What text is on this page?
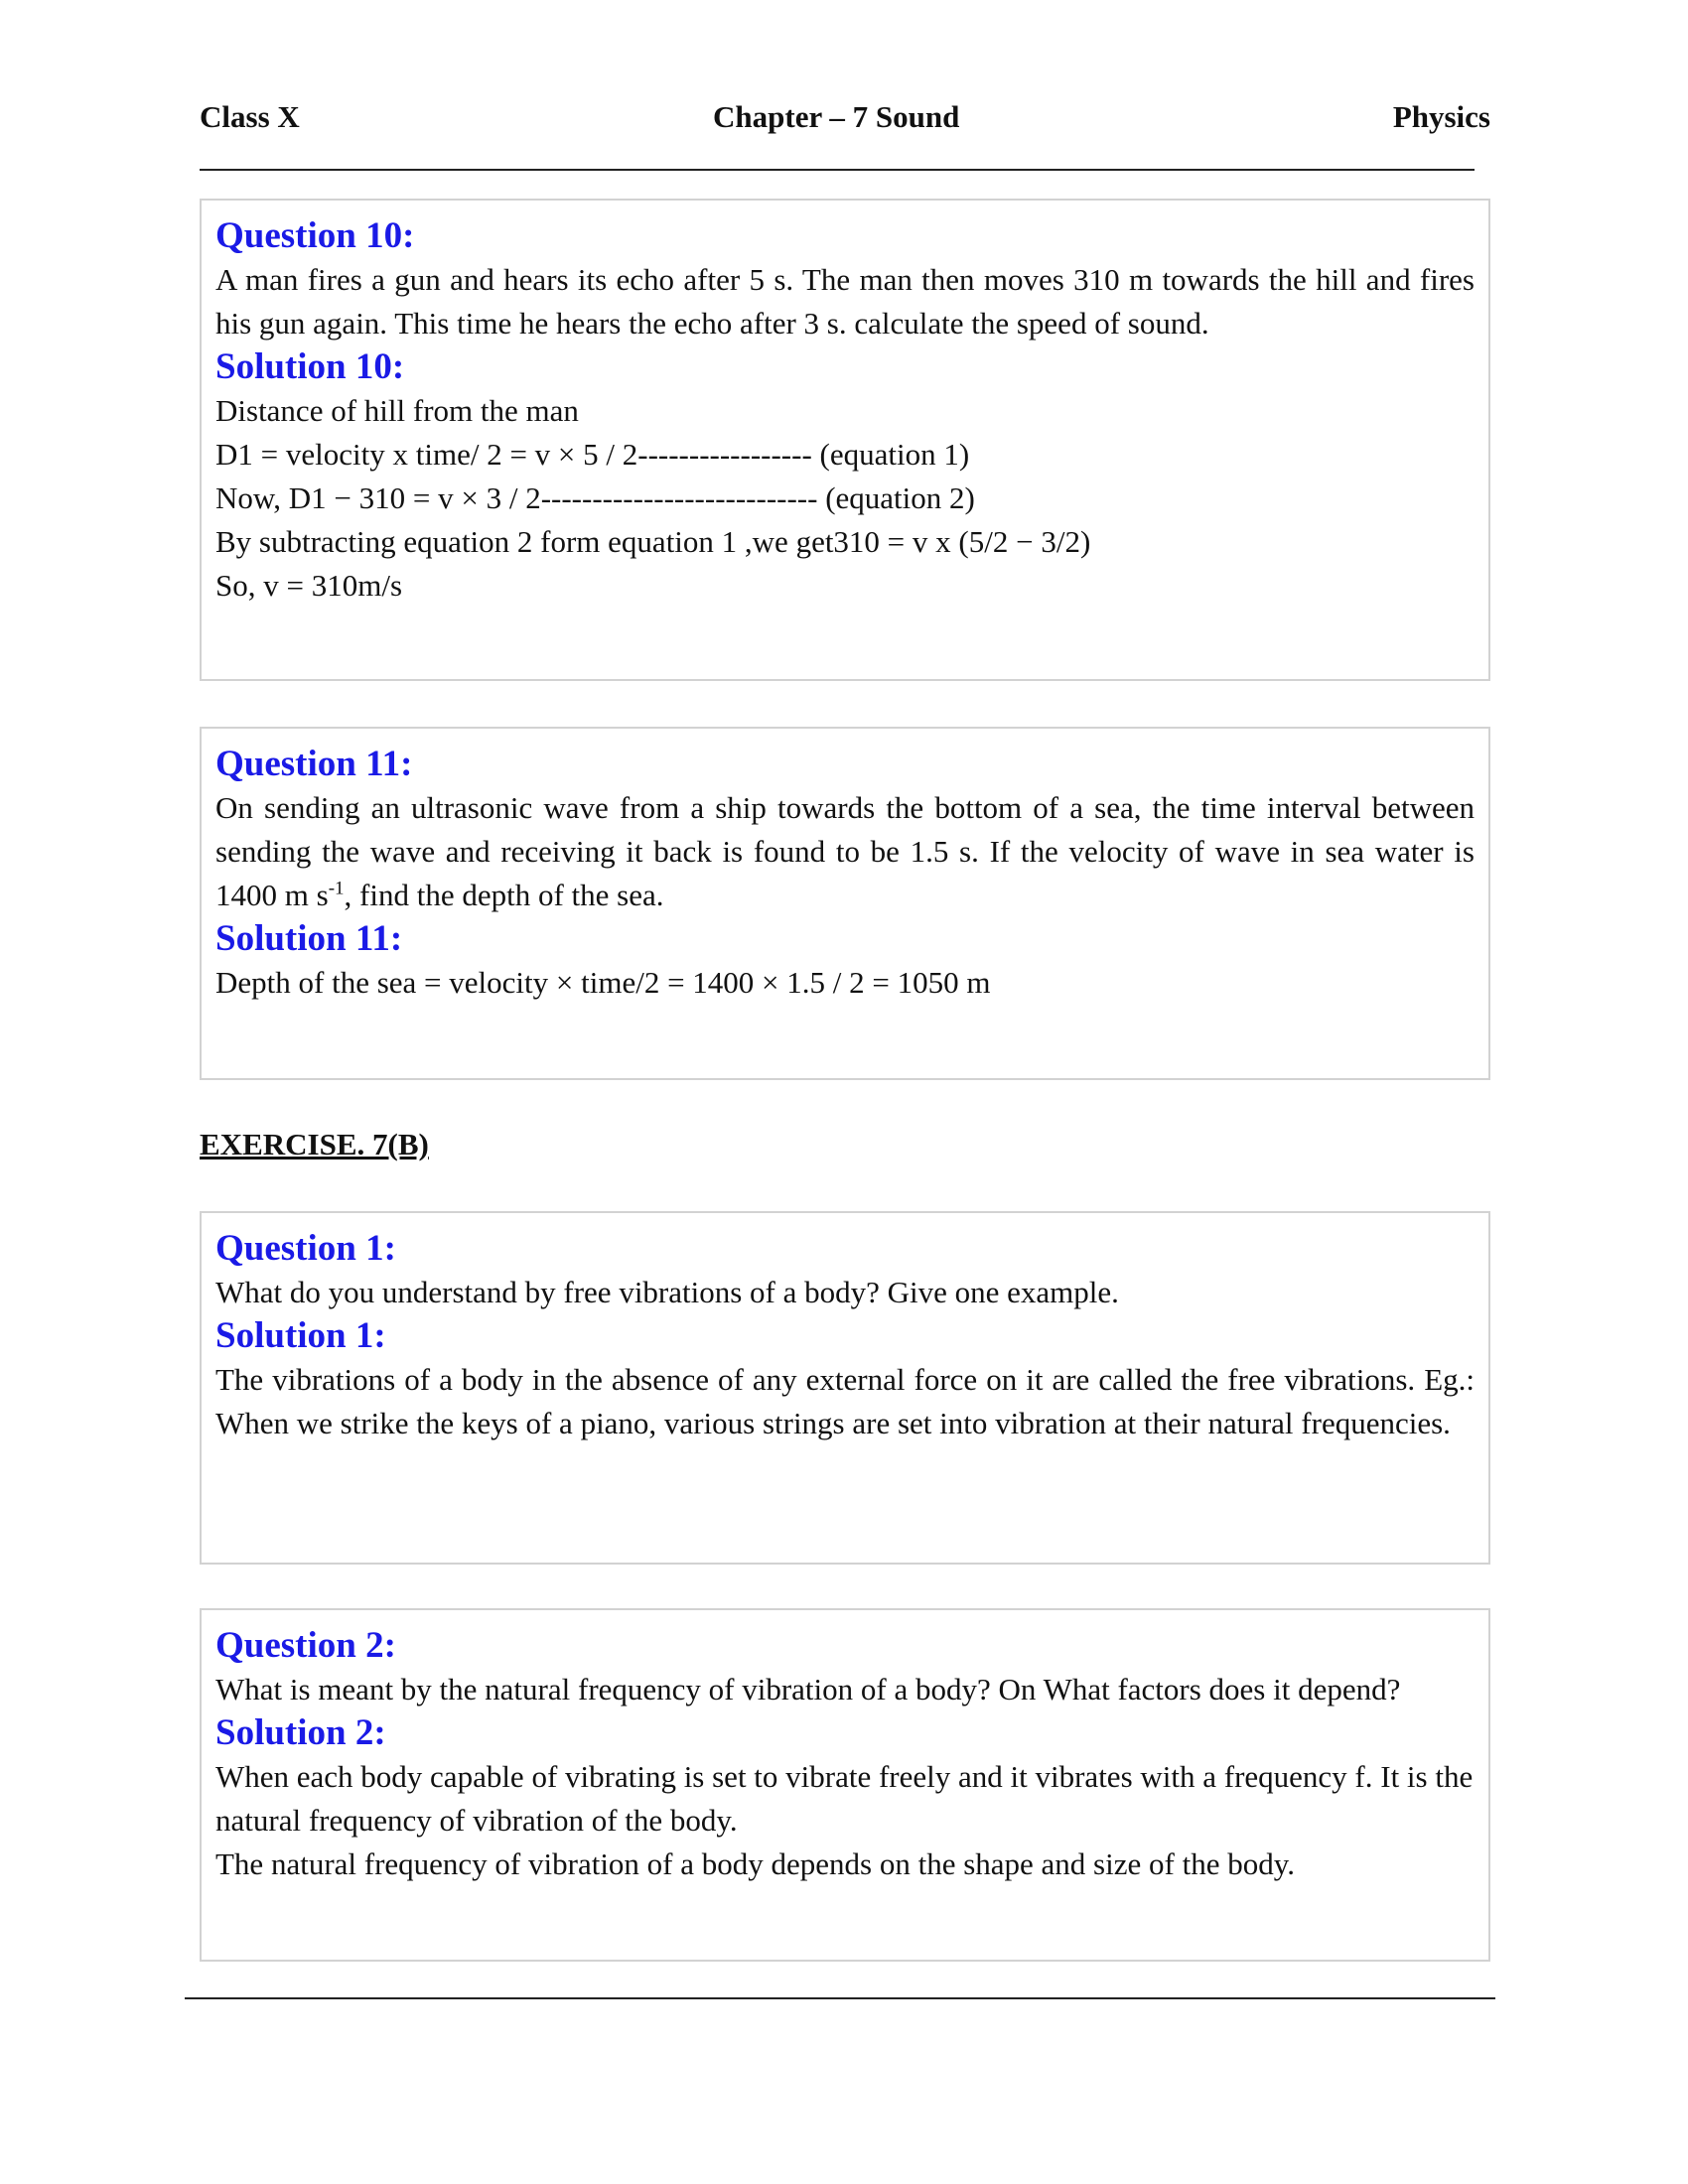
Class X	Chapter – 7 Sound	Physics
Question 10:
A man fires a gun and hears its echo after 5 s. The man then moves 310 m towards the hill and fires his gun again. This time he hears the echo after 3 s. calculate the speed of sound.
Solution 10:
Distance of hill from the man
D1 = velocity x time/ 2 = v × 5 / 2----------------- (equation 1)
Now, D1 − 310 = v × 3 / 2--------------------------- (equation 2)
By subtracting equation 2 form equation 1 ,we get310 = v x (5/2 − 3/2)
So, v = 310m/s
Question 11:
On sending an ultrasonic wave from a ship towards the bottom of a sea, the time interval between sending the wave and receiving it back is found to be 1.5 s. If the velocity of wave in sea water is 1400 m $s^{-1}$, find the depth of the sea.
Solution 11:
Depth of the sea = velocity × time/2 = 1400 × 1.5 / 2 = 1050 m
EXERCISE. 7(B)
Question 1:
What do you understand by free vibrations of a body? Give one example.
Solution 1:
The vibrations of a body in the absence of any external force on it are called the free vibrations. Eg.: When we strike the keys of a piano, various strings are set into vibration at their natural frequencies.
Question 2:
What is meant by the natural frequency of vibration of a body? On What factors does it depend?
Solution 2:
When each body capable of vibrating is set to vibrate freely and it vibrates with a frequency f. It is the natural frequency of vibration of the body.
The natural frequency of vibration of a body depends on the shape and size of the body.
